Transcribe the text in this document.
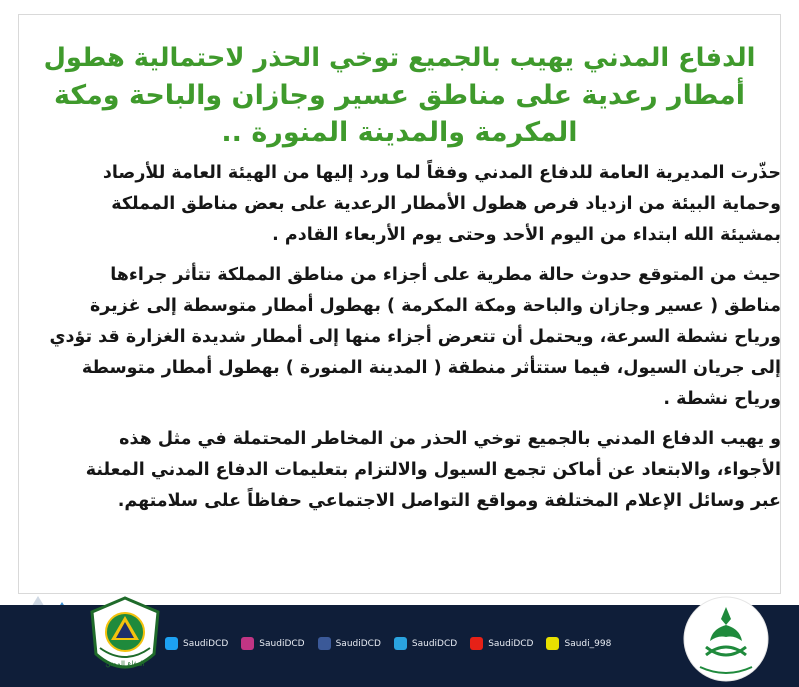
الدفاع المدني يهيب بالجميع توخي الحذر لاحتمالية هطول
أمطار رعدية على مناطق عسير وجازان والباحة ومكة
المكرمة والمدينة المنورة ..
حذّرت المديرية العامة للدفاع المدني وفقاً لما ورد إليها من الهيئة العامة للأرصاد
وحماية البيئة من ازدياد فرص هطول الأمطار الرعدية على بعض مناطق المملكة
بمشيئة الله ابتداء من اليوم الأحد وحتى يوم الأربعاء القادم .
حيث من المتوقع حدوث حالة مطرية على أجزاء من مناطق المملكة تتأثر جراءها
مناطق ( عسير وجازان والباحة ومكة المكرمة ) بهطول أمطار متوسطة إلى غزيرة
ورياح نشطة السرعة، ويحتمل أن تتعرض أجزاء منها إلى أمطار شديدة الغزارة قد تؤدي
إلى جريان السيول، فيما ستتأثر منطقة ( المدينة المنورة ) بهطول أمطار متوسطة
ورياح نشطة .
و يهيب الدفاع المدني بالجميع توخي الحذر من المخاطر المحتملة في مثل هذه
الأجواء، والابتعاد عن أماكن تجمع السيول والالتزام بتعليمات الدفاع المدني المعلنة
عبر وسائل الإعلام المختلفة ومواقع التواصل الاجتماعي حفاظاً على سلامتهم.
الدفاع المدني
SaudiDCD	SaudiDCD	SaudiDCD	SaudiDCD	SaudiDCD	Saudi_998
